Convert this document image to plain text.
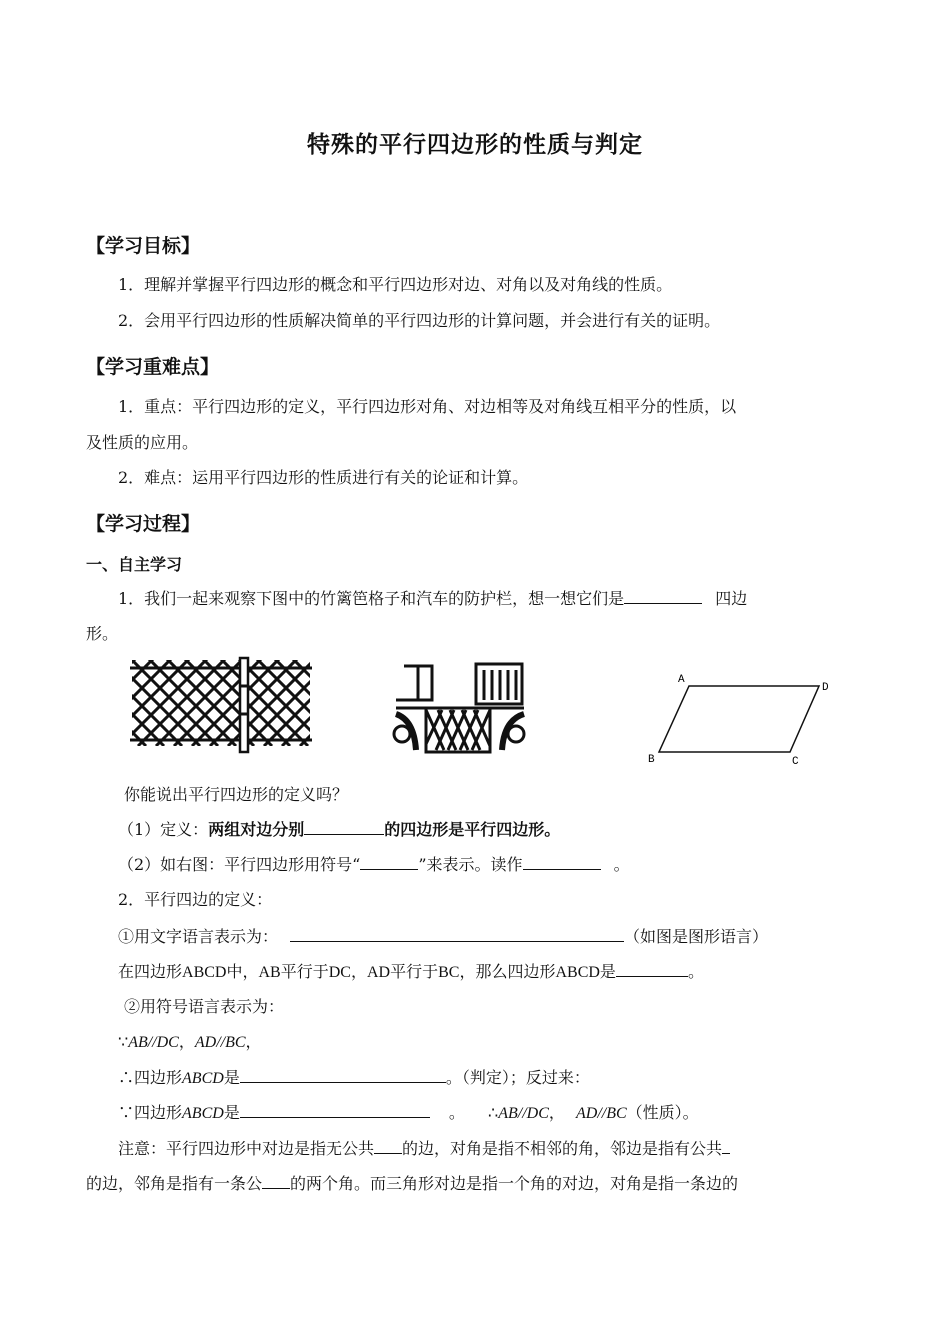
特殊的平行四边形的性质与判定
【学习目标】
1．理解并掌握平行四边形的概念和平行四边形对边、对角以及对角线的性质。
2．会用平行四边形的性质解决简单的平行四边形的计算问题，并会进行有关的证明。
【学习重难点】
1．重点：平行四边形的定义，平行四边形对角、对边相等及对角线互相平分的性质，以
及性质的应用。
2．难点：运用平行四边形的性质进行有关的论证和计算。
【学习过程】
一、自主学习
1．我们一起来观察下图中的竹篱笆格子和汽车的防护栏，想一想它们是	四边
形。
A
D
B	C
你能说出平行四边形的定义吗？
（1）定义：两组对边分别	的四边形是平行四边形。
（2）如右图：平行四边形用符号“	”来表示。读作	。
2．平行四边的定义：
①用文字语言表示为：	（如图是图形语言）
在四边形ABCD中，AB平行于DC，AD平行于BC，那么四边形ABCD是	。
②用符号语言表示为：
∵AB//DC，AD//BC，
∴四边形ABCD是	。（判定）；反过来：
∵四边形ABCD是	。 ∴AB//DC， AD//BC（性质）。
注意：平行四边形中对边是指无公共 的边，对角是指不相邻的角，邻边是指有公共
的边，邻角是指有一条公 的两个角。而三角形对边是指一个角的对边，对角是指一条边的
